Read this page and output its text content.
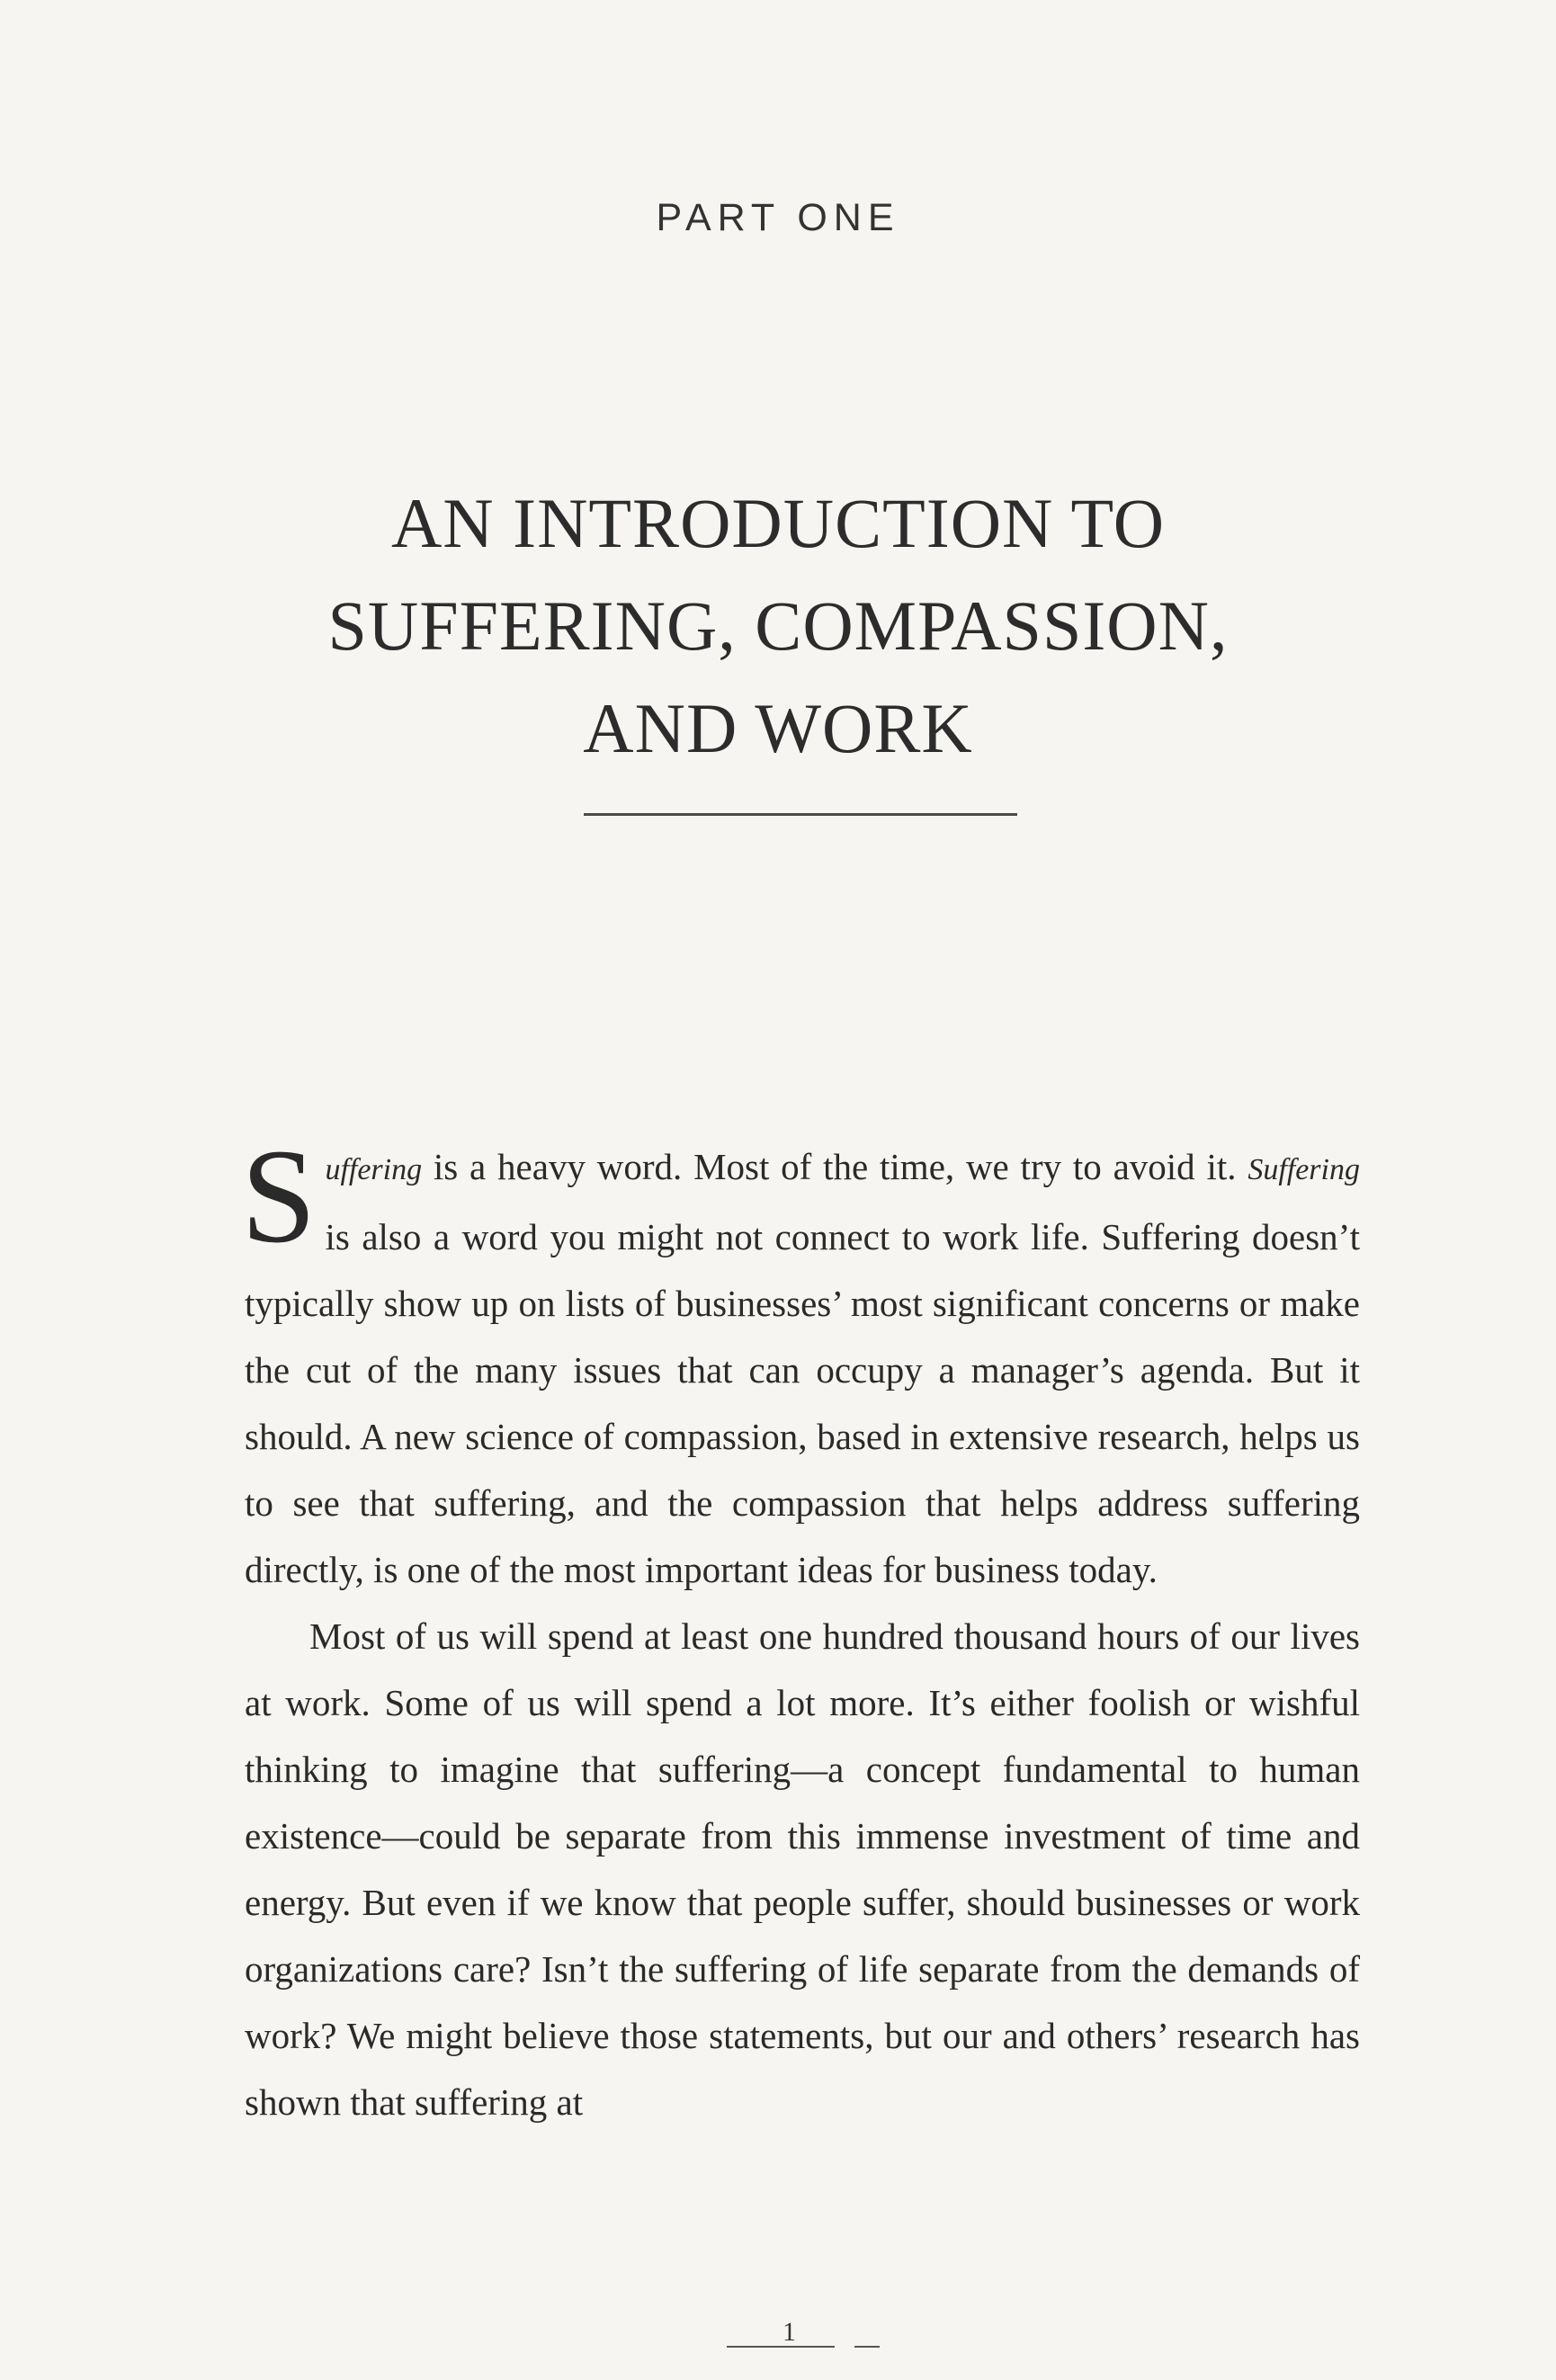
PART ONE
AN INTRODUCTION TO
SUFFERING, COMPASSION,
AND WORK

Suffering is a heavy word. Most of the time, we try to avoid it. Suffering is also a word you might not connect to work life. Suffering doesn’t typically show up on lists of businesses’ most significant concerns or make the cut of the many issues that can occupy a manager’s agenda. But it should. A new science of compassion, based in extensive research, helps us to see that suffering, and the compassion that helps address suffering directly, is one of the most important ideas for business today.

Most of us will spend at least one hundred thousand hours of our lives at work. Some of us will spend a lot more. It’s either foolish or wishful thinking to imagine that suffering—a concept fundamental to human existence—could be separate from this immense investment of time and energy. But even if we know that people suffer, should businesses or work organizations care? Isn’t the suffering of life separate from the demands of work? We might believe those statements, but our and others’ research has shown that suffering at

1
